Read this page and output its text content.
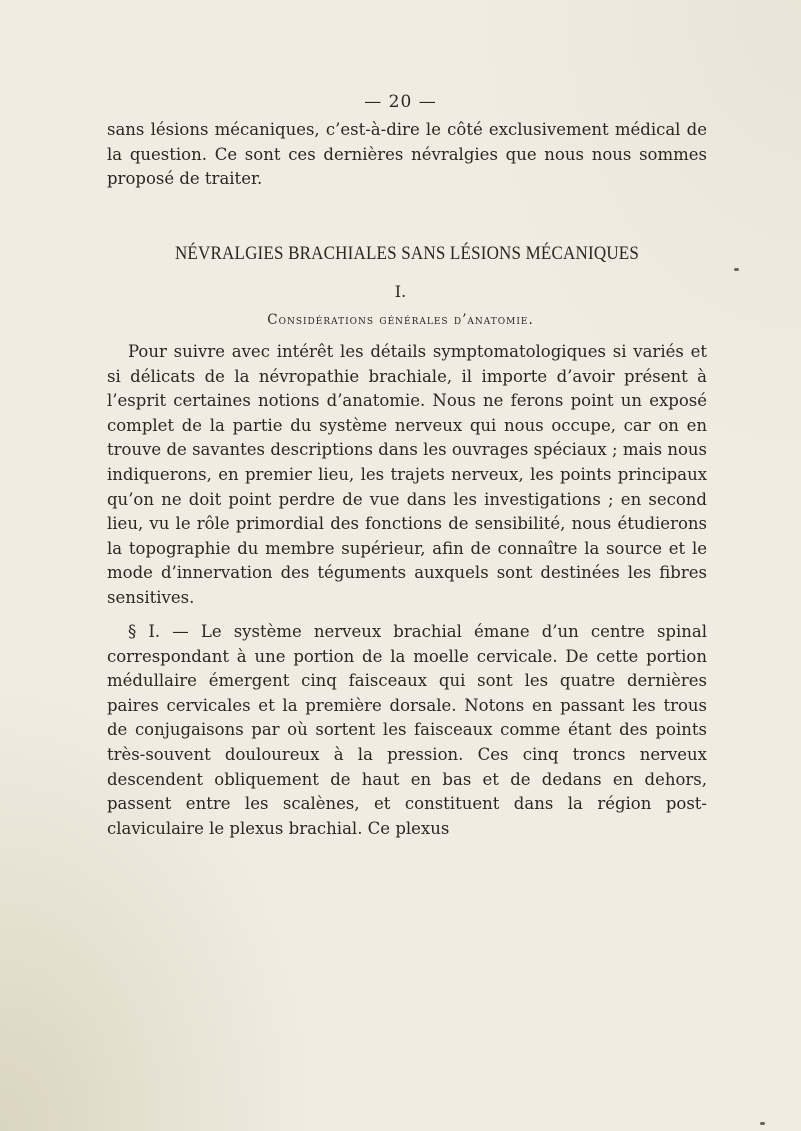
— 20 —
sans lésions mécaniques, c’est-à-dire le côté exclusivement médical de la question. Ce sont ces dernières névralgies que nous nous sommes proposé de traiter.
NÉVRALGIES BRACHIALES SANS LÉSIONS MÉCANIQUES
I.
Considérations générales d’anatomie.
Pour suivre avec intérêt les détails symptomatologiques si variés et si délicats de la névropathie brachiale, il importe d’avoir présent à l’esprit certaines notions d’anatomie. Nous ne ferons point un exposé complet de la partie du système nerveux qui nous occupe, car on en trouve de savantes descriptions dans les ouvrages spéciaux ; mais nous indiquerons, en premier lieu, les trajets nerveux, les points principaux qu’on ne doit point perdre de vue dans les investigations ; en second lieu, vu le rôle primordial des fonctions de sensibilité, nous étudierons la topographie du membre supérieur, afin de connaître la source et le mode d’innervation des téguments auxquels sont destinées les fibres sensitives.
§ I. — Le système nerveux brachial émane d’un centre spinal correspondant à une portion de la moelle cervicale. De cette portion médullaire émergent cinq faisceaux qui sont les quatre dernières paires cervicales et la première dorsale. Notons en passant les trous de conjugaisons par où sortent les faisceaux comme étant des points très-souvent douloureux à la pression. Ces cinq troncs nerveux descendent obliquement de haut en bas et de dedans en dehors, passent entre les scalènes, et constituent dans la région post-claviculaire le plexus brachial. Ce plexus
